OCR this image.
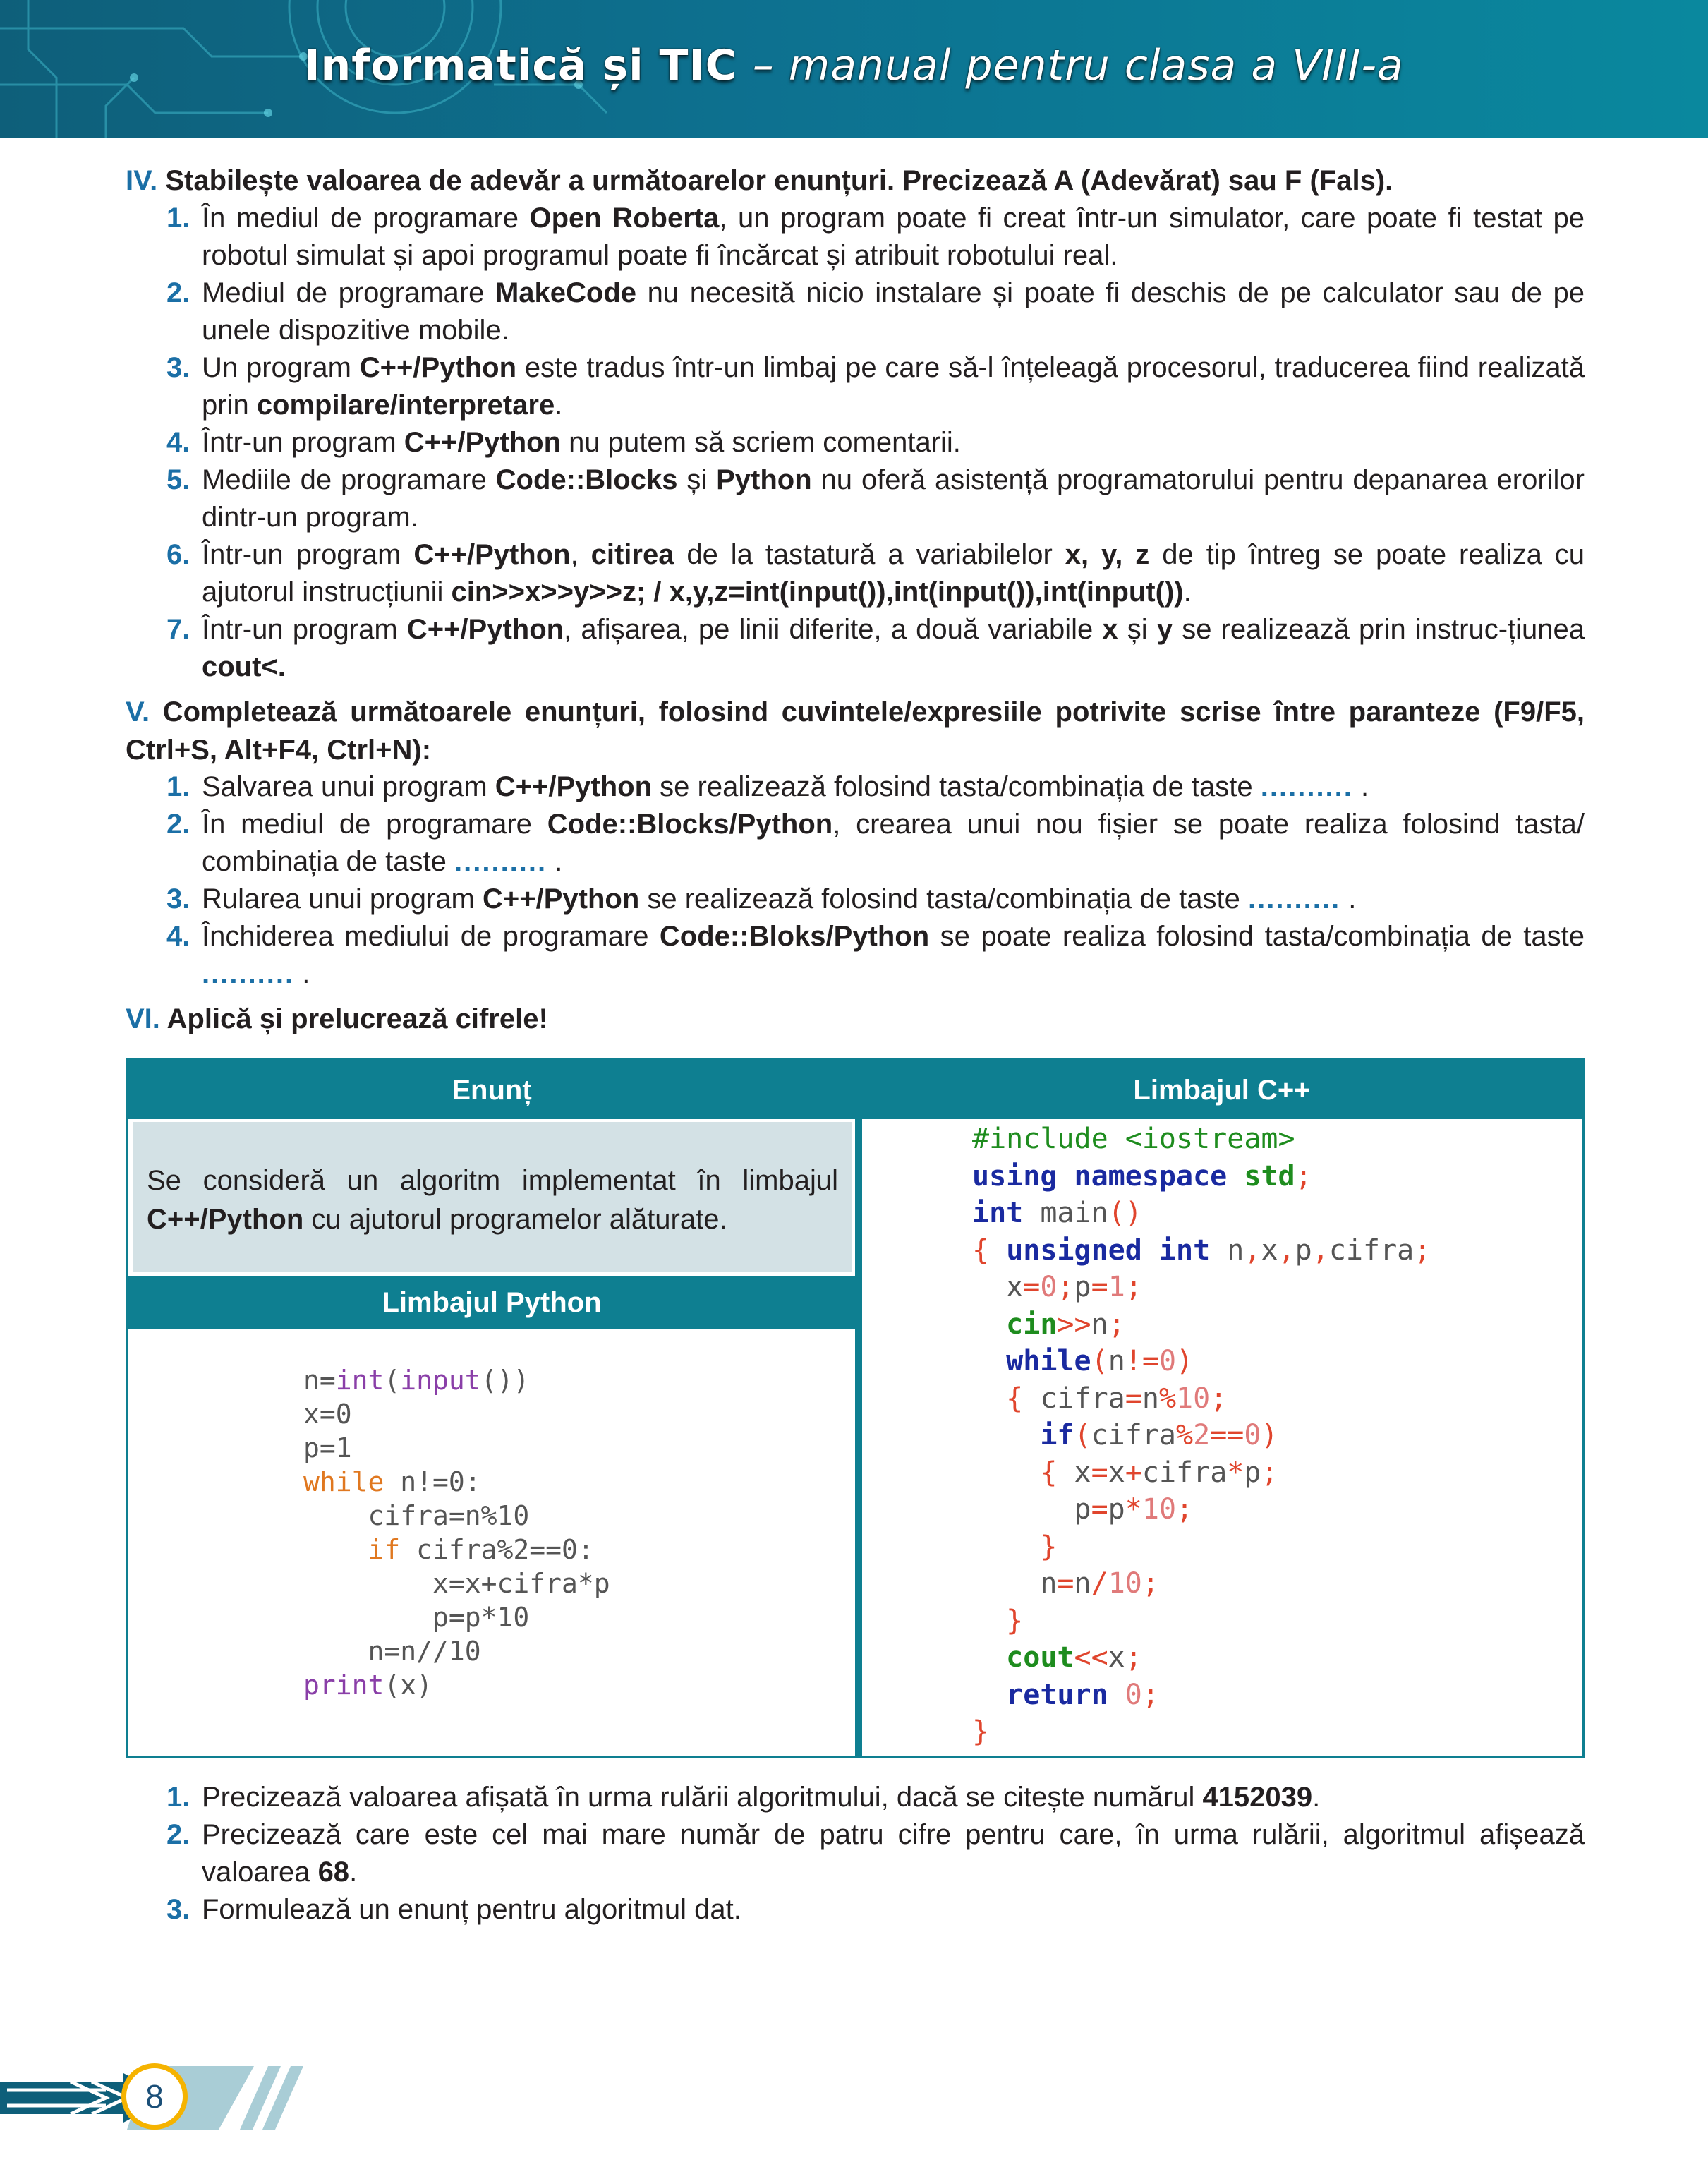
Informatică și TIC – manual pentru clasa a VIII-a
IV. Stabilește valoarea de adevăr a următoarelor enunțuri. Precizează A (Adevărat) sau F (Fals).
1. În mediul de programare Open Roberta, un program poate fi creat într-un simulator, care poate fi testat pe robotul simulat și apoi programul poate fi încărcat și atribuit robotului real.
2. Mediul de programare MakeCode nu necesită nicio instalare și poate fi deschis de pe calculator sau de pe unele dispozitive mobile.
3. Un program C++/Python este tradus într-un limbaj pe care să-l înțeleagă procesorul, traducerea fiind realizată prin compilare/interpretare.
4. Într-un program C++/Python nu putem să scriem comentarii.
5. Mediile de programare Code::Blocks și Python nu oferă asistență programatorului pentru depanarea erorilor dintr-un program.
6. Într-un program C++/Python, citirea de la tastatură a variabilelor x, y, z de tip întreg se poate realiza cu ajutorul instrucțiunii cin>>x>>y>>z; / x,y,z=int(input()),int(input()),int(input()).
7. Într-un program C++/Python, afișarea, pe linii diferite, a două variabile x și y se realizează prin instruc-țiunea cout<.
V. Completează următoarele enunțuri, folosind cuvintele/expresiile potrivite scrise între paranteze (F9/F5, Ctrl+S, Alt+F4, Ctrl+N):
1. Salvarea unui program C++/Python se realizează folosind tasta/combinația de taste .......... .
2. În mediul de programare Code::Blocks/Python, crearea unui nou fișier se poate realiza folosind tasta/ combinația de taste .......... .
3. Rularea unui program C++/Python se realizează folosind tasta/combinația de taste .......... .
4. Închiderea mediului de programare Code::Bloks/Python se poate realiza folosind tasta/combinația de taste .......... .
VI. Aplică și prelucrează cifrele!
Enunț	Limbajul C++
Se consideră un algoritm implementat în limbajul C++/Python cu ajutorul programelor alăturate.
Limbajul Python
n=int(input())
x=0
p=1
while n!=0:
cifra=n%10
if cifra%2==0:
x=x+cifra*p
p=p*10
n=n//10
print(x)
#include <iostream>
using namespace std;
int main()
{ unsigned int n,x,p,cifra;
x=0;p=1;
cin>>n;
while(n!=0)
{ cifra=n%10;
if(cifra%2==0)
{ x=x+cifra*p;
p=p*10;
}
n=n/10;
}
cout<<x;
return 0;
}
1. Precizează valoarea afișată în urma rulării algoritmului, dacă se citește numărul 4152039.
2. Precizează care este cel mai mare număr de patru cifre pentru care, în urma rulării, algoritmul afișează valoarea 68.
3. Formulează un enunț pentru algoritmul dat.
8
